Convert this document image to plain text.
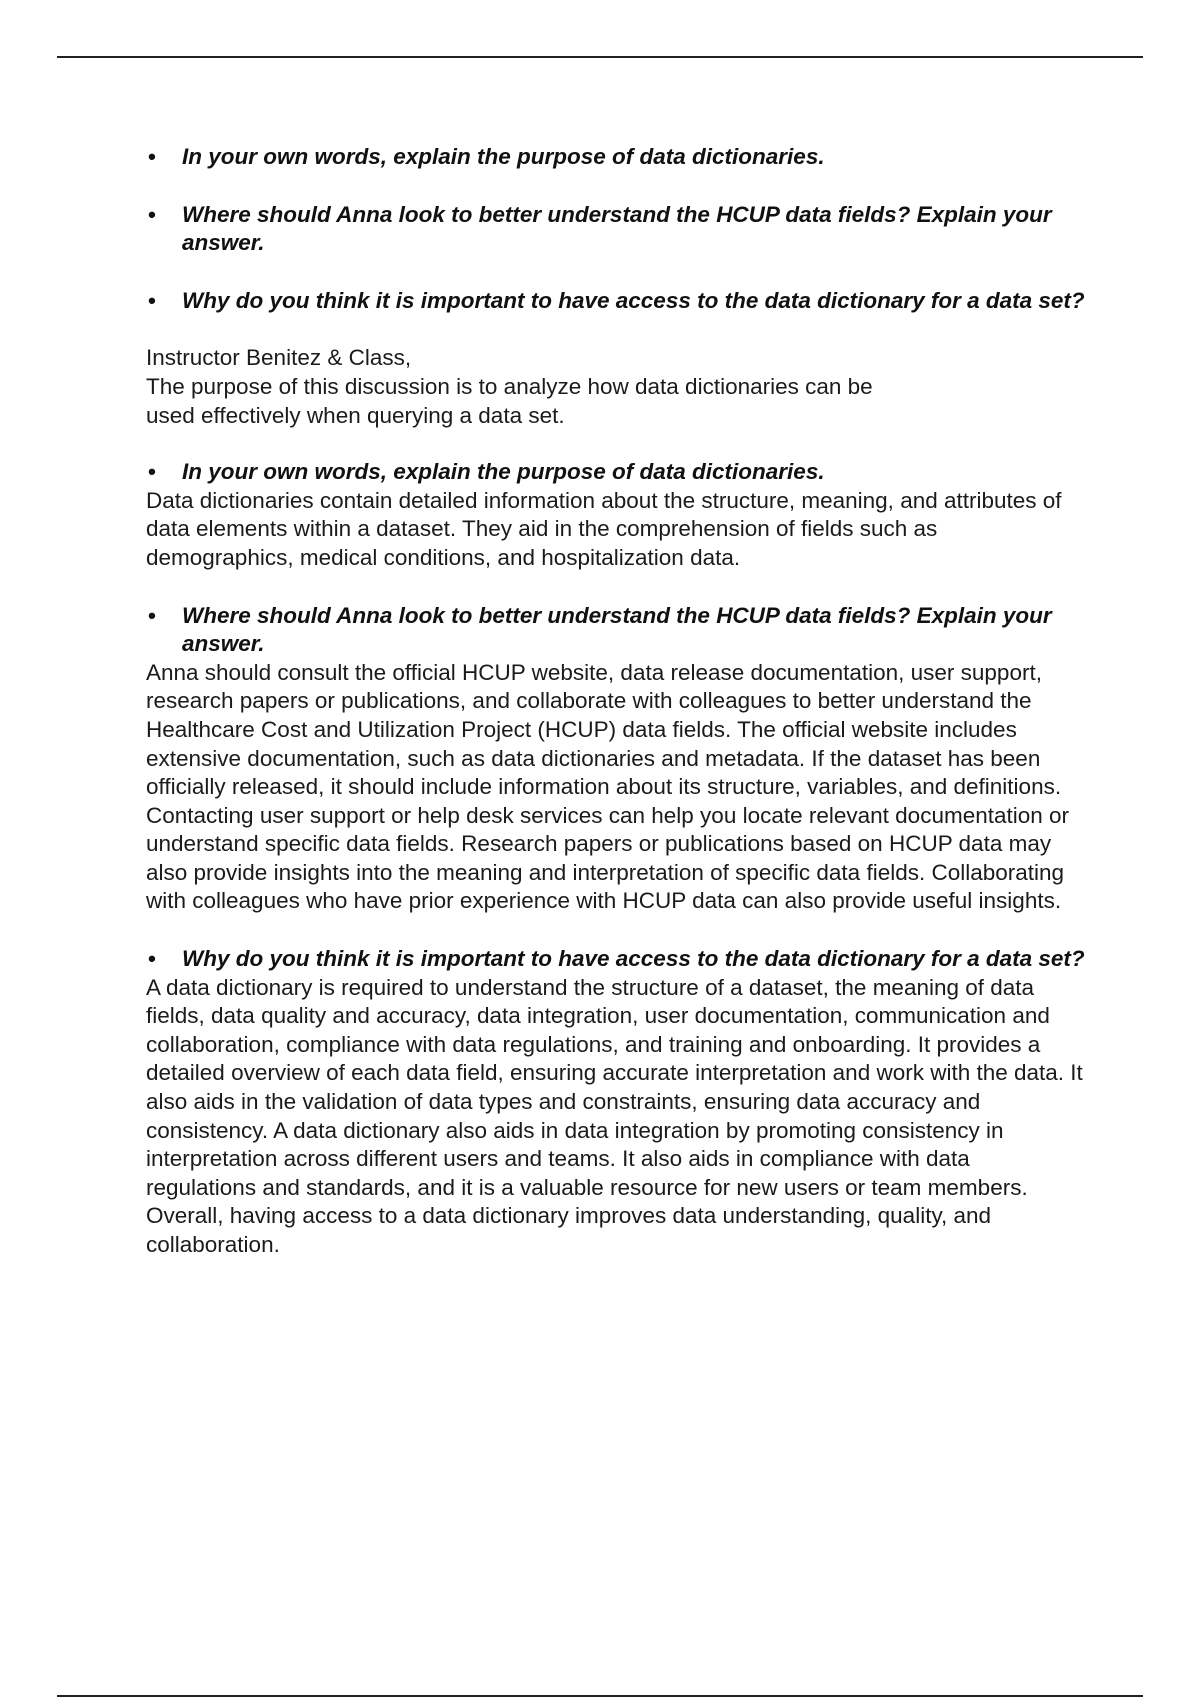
• In your own words, explain the purpose of data dictionaries.
• Where should Anna look to better understand the HCUP data fields? Explain your answer.
• Why do you think it is important to have access to the data dictionary for a data set?

Instructor Benitez & Class,

The purpose of this discussion is to analyze how data dictionaries can be used effectively when querying a data set.

• In your own words, explain the purpose of data dictionaries.

Data dictionaries contain detailed information about the structure, meaning, and attributes of data elements within a dataset. They aid in the comprehension of fields such as demographics, medical conditions, and hospitalization data.

• Where should Anna look to better understand the HCUP data fields? Explain your answer.

Anna should consult the official HCUP website, data release documentation, user support, research papers or publications, and collaborate with colleagues to better understand the Healthcare Cost and Utilization Project (HCUP) data fields. The official website includes extensive documentation, such as data dictionaries and metadata. If the dataset has been officially released, it should include information about its structure, variables, and definitions. Contacting user support or help desk services can help you locate relevant documentation or understand specific data fields. Research papers or publications based on HCUP data may also provide insights into the meaning and interpretation of specific data fields. Collaborating with colleagues who have prior experience with HCUP data can also provide useful insights.

• Why do you think it is important to have access to the data dictionary for a data set?

A data dictionary is required to understand the structure of a dataset, the meaning of data fields, data quality and accuracy, data integration, user documentation, communication and collaboration, compliance with data regulations, and training and onboarding. It provides a detailed overview of each data field, ensuring accurate interpretation and work with the data. It also aids in the validation of data types and constraints, ensuring data accuracy and consistency. A data dictionary also aids in data integration by promoting consistency in interpretation across different users and teams. It also aids in compliance with data regulations and standards, and it is a valuable resource for new users or team members. Overall, having access to a data dictionary improves data understanding, quality, and collaboration.
